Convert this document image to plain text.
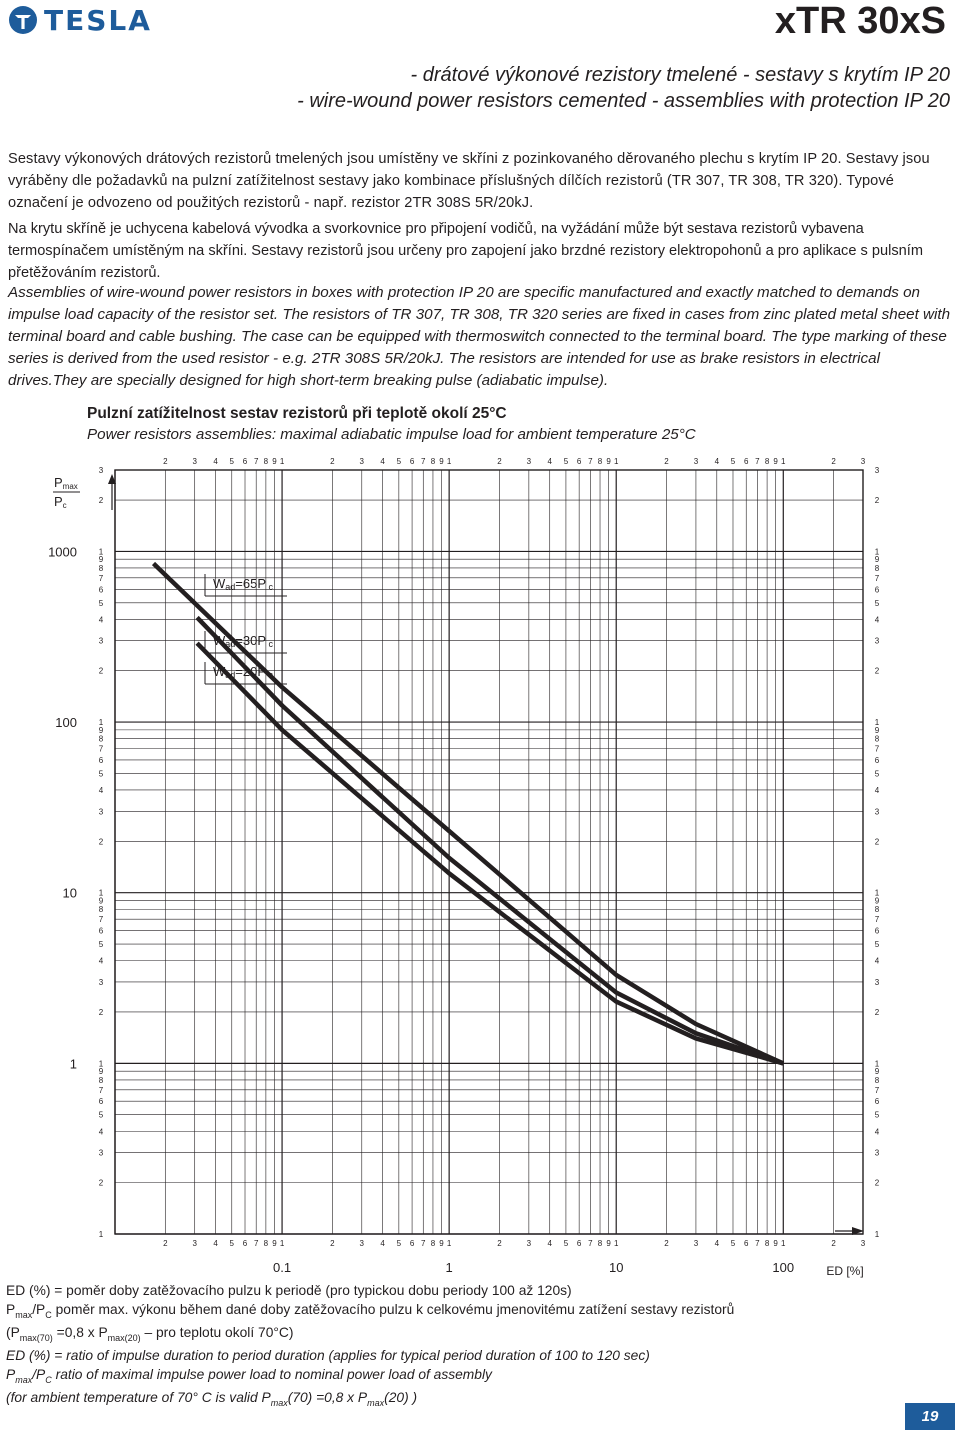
TESLA	xTR 30xS
- drátové výkonové rezistory tmelené - sestavy s krytím IP 20
- wire-wound power resistors cemented - assemblies with protection IP 20
Sestavy výkonových drátových rezistorů tmelených jsou umístěny ve skříni z pozinkovaného děrovaného plechu s krytím IP 20. Sestavy jsou vyráběny dle požadavků na pulzní zatížitelnost sestavy jako kombinace příslušných dílčích rezistorů (TR 307, TR 308, TR 320). Typové označení je odvozeno od použitých rezistorů - např. rezistor 2TR 308S 5R/20kJ.
Na krytu skříně je uchycena kabelová vývodka a svorkovnice pro připojení vodičů, na vyžádání může být sestava rezistorů vybavena termospínačem umístěným na skříni. Sestavy rezistorů jsou určeny pro zapojení jako brzdné rezistory elektropohonů a pro aplikace s pulsním přetěžováním rezistorů.
Assemblies of wire-wound power resistors in boxes with protection IP 20 are specific manufactured and exactly matched to demands on impulse load capacity of the resistor set. The resistors of TR 307, TR 308, TR 320 series are fixed in cases from zinc plated metal sheet with terminal board and cable bushing. The case can be equipped with thermoswitch connected to the terminal board. The type marking of these series is derived from the used resistor - e.g. 2TR 308S 5R/20kJ. The resistors are intended for use as brake resistors in electrical drives.They are specially designed for high short-term breaking pulse (adiabatic impulse).
Pulzní zatížitelnost sestav rezistorů při teplotě okolí 25°C
Power resistors assemblies: maximal adiabatic impulse load for ambient temperature 25°C
2
2
3
3
4
4
5
5
6
6
7
7
8
8
9
9
1
1
2
2
3
3
4
4
5
5
6
6
7
7
8
8
9
9
1
1
2
2
3
3
4
4
5
5
6
6
7
7
8
8
9
9
1
1
2
2
3
3
4
4
5
5
6
6
7
7
8
8
9
9
1
1
2
2
3
3
1	1
2	2
3	3
4	4
5	5
6	6
7	7
8	8
9	9
1	1
2	2
3	3
4	4
5	5
6	6
7	7
8	8
9	9
1	1
2	2
3	3
4	4
5	5
6	6
7	7
8	8
9	9
1	1
2	2
3	3
4	4
5	5
6	6
7	7
8	8
9	9
1	1
2	2
3	3
0.1	1	10	100
1000
100
10
1
Wad=65P c
Wad=30P c
Wad=20P c
Pmax
Pc
ED [%]
ED (%) = poměr doby zatěžovacího pulzu k periodě (pro typickou dobu periody 100 až 120s)
$P_{max}/P_C$ poměr max. výkonu během dané doby zatěžovacího pulzu k celkovému jmenovitému zatížení sestavy rezistorů
($P_{max(70)} =0,8$ x $P_{max(20)}$ – pro teplotu okolí 70°C)
ED (%) = ratio of impulse duration to period duration (applies for typical period duration of 100 to 120 sec)
$P_{max}/P_C$ ratio of maximal impulse power load to nominal power load of assembly
(for ambient temperature of 70° C is valid $P_{max}(70) =0,8$ x $P_{max}(20)$ )
19
